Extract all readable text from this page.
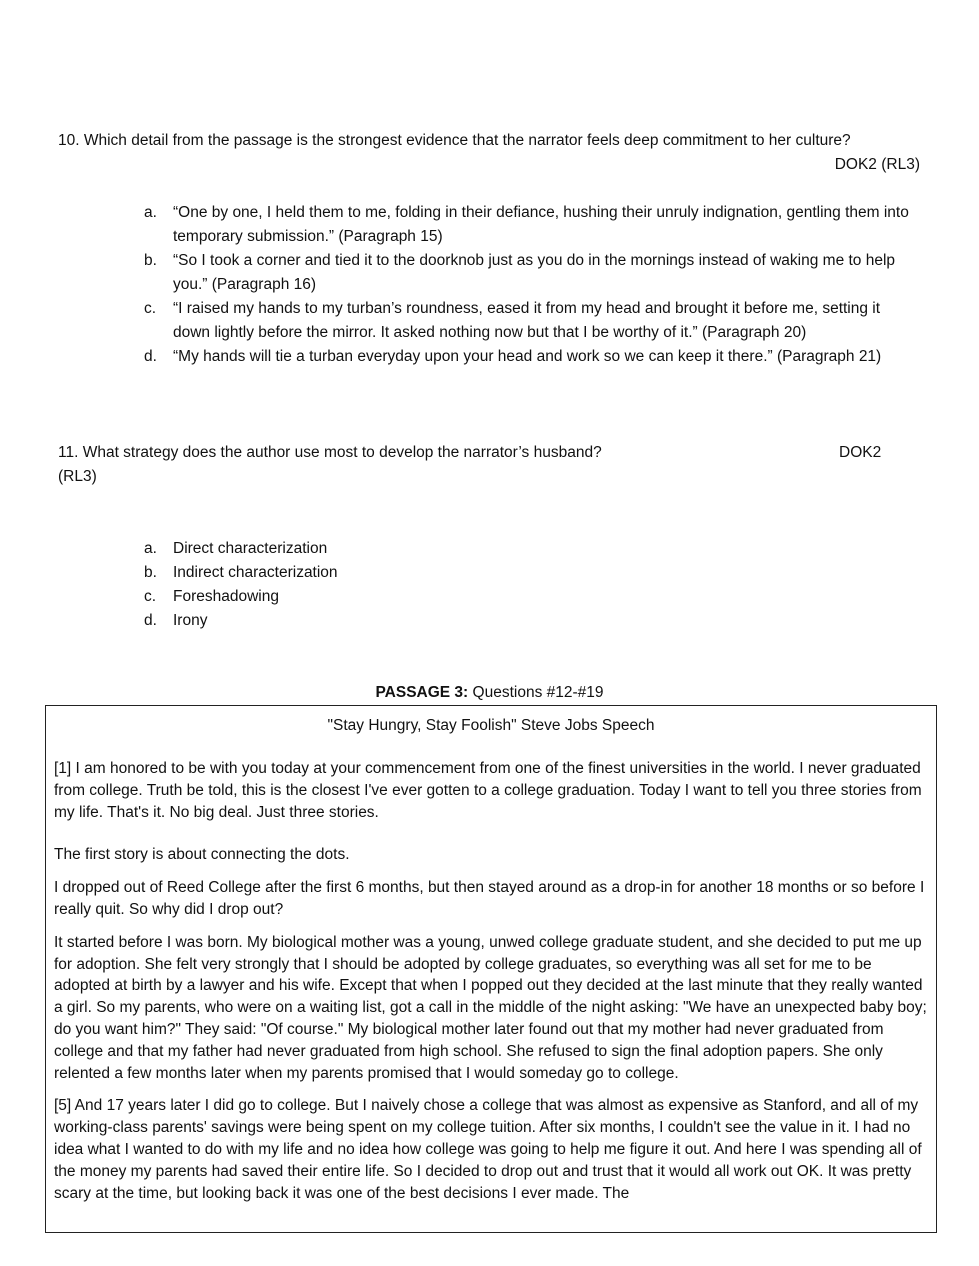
10. Which detail from the passage is the strongest evidence that the narrator feels deep commitment to her culture?
DOK2 (RL3)
a. “One by one, I held them to me, folding in their defiance, hushing their unruly indignation, gentling them into temporary submission.” (Paragraph 15)
b. “So I took a corner and tied it to the doorknob just as you do in the mornings instead of waking me to help you.” (Paragraph 16)
c. “I raised my hands to my turban’s roundness, eased it from my head and brought it before me, setting it down lightly before the mirror. It asked nothing now but that I be worthy of it.” (Paragraph 20)
d. “My hands will tie a turban everyday upon your head and work so we can keep it there.” (Paragraph 21)
11. What strategy does the author use most to develop the narrator’s husband?	DOK2
(RL3)
a. Direct characterization
b. Indirect characterization
c. Foreshadowing
d. Irony
PASSAGE 3: Questions #12-#19
"Stay Hungry, Stay Foolish" Steve Jobs Speech

[1] I am honored to be with you today at your commencement from one of the finest universities in the world. I never graduated from college. Truth be told, this is the closest I've ever gotten to a college graduation. Today I want to tell you three stories from my life. That's it. No big deal. Just three stories.

The first story is about connecting the dots.

I dropped out of Reed College after the first 6 months, but then stayed around as a drop-in for another 18 months or so before I really quit. So why did I drop out?

It started before I was born. My biological mother was a young, unwed college graduate student, and she decided to put me up for adoption. She felt very strongly that I should be adopted by college graduates, so everything was all set for me to be adopted at birth by a lawyer and his wife. Except that when I popped out they decided at the last minute that they really wanted a girl. So my parents, who were on a waiting list, got a call in the middle of the night asking: "We have an unexpected baby boy; do you want him?" They said: "Of course." My biological mother later found out that my mother had never graduated from college and that my father had never graduated from high school. She refused to sign the final adoption papers. She only relented a few months later when my parents promised that I would someday go to college.

[5] And 17 years later I did go to college. But I naively chose a college that was almost as expensive as Stanford, and all of my working-class parents' savings were being spent on my college tuition. After six months, I couldn't see the value in it. I had no idea what I wanted to do with my life and no idea how college was going to help me figure it out. And here I was spending all of the money my parents had saved their entire life. So I decided to drop out and trust that it would all work out OK. It was pretty scary at the time, but looking back it was one of the best decisions I ever made. The
